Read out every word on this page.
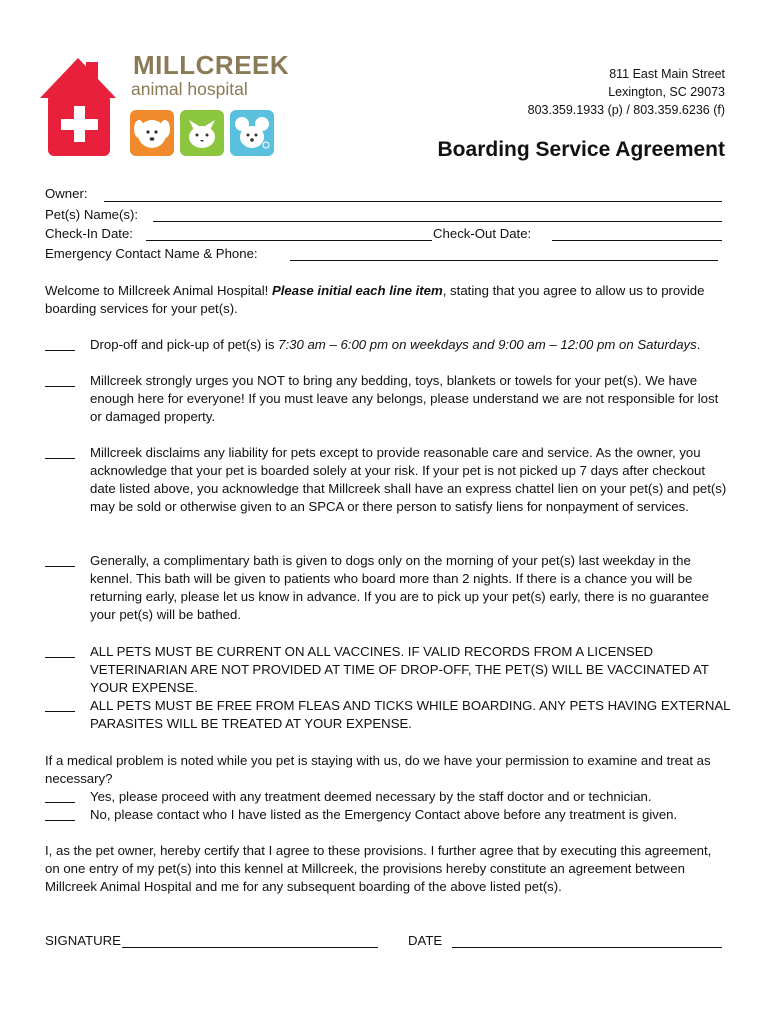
MILLCREEK
animal hospital
811 East Main Street
Lexington, SC 29073
803.359.1933 (p) / 803.359.6236 (f)
Boarding Service Agreement
Owner:
Pet(s) Name(s):
Check-In Date:	Check-Out Date:
Emergency Contact Name & Phone:
Welcome to Millcreek Animal Hospital! Please initial each line item, stating that you agree to allow us to provide boarding services for your pet(s).
Drop-off and pick-up of pet(s) is 7:30 am – 6:00 pm on weekdays and 9:00 am – 12:00 pm on Saturdays.
Millcreek strongly urges you NOT to bring any bedding, toys, blankets or towels for your pet(s). We have enough here for everyone! If you must leave any belongs, please understand we are not responsible for lost or damaged property.
Millcreek disclaims any liability for pets except to provide reasonable care and service. As the owner, you acknowledge that your pet is boarded solely at your risk. If your pet is not picked up 7 days after checkout date listed above, you acknowledge that Millcreek shall have an express chattel lien on your pet(s) and pet(s) may be sold or otherwise given to an SPCA or there person to satisfy liens for nonpayment of services.
Generally, a complimentary bath is given to dogs only on the morning of your pet(s) last weekday in the kennel. This bath will be given to patients who board more than 2 nights. If there is a chance you will be returning early, please let us know in advance. If you are to pick up your pet(s) early, there is no guarantee your pet(s) will be bathed.
ALL PETS MUST BE CURRENT ON ALL VACCINES. IF VALID RECORDS FROM A LICENSED VETERINARIAN ARE NOT PROVIDED AT TIME OF DROP-OFF, THE PET(S) WILL BE VACCINATED AT YOUR EXPENSE.
ALL PETS MUST BE FREE FROM FLEAS AND TICKS WHILE BOARDING. ANY PETS HAVING EXTERNAL PARASITES WILL BE TREATED AT YOUR EXPENSE.
If a medical problem is noted while you pet is staying with us, do we have your permission to examine and treat as necessary?
Yes, please proceed with any treatment deemed necessary by the staff doctor and or technician.
No, please contact who I have listed as the Emergency Contact above before any treatment is given.
I, as the pet owner, hereby certify that I agree to these provisions. I further agree that by executing this agreement, on one entry of my pet(s) into this kennel at Millcreek, the provisions hereby constitute an agreement between Millcreek Animal Hospital and me for any subsequent boarding of the above listed pet(s).
SIGNATURE	DATE
